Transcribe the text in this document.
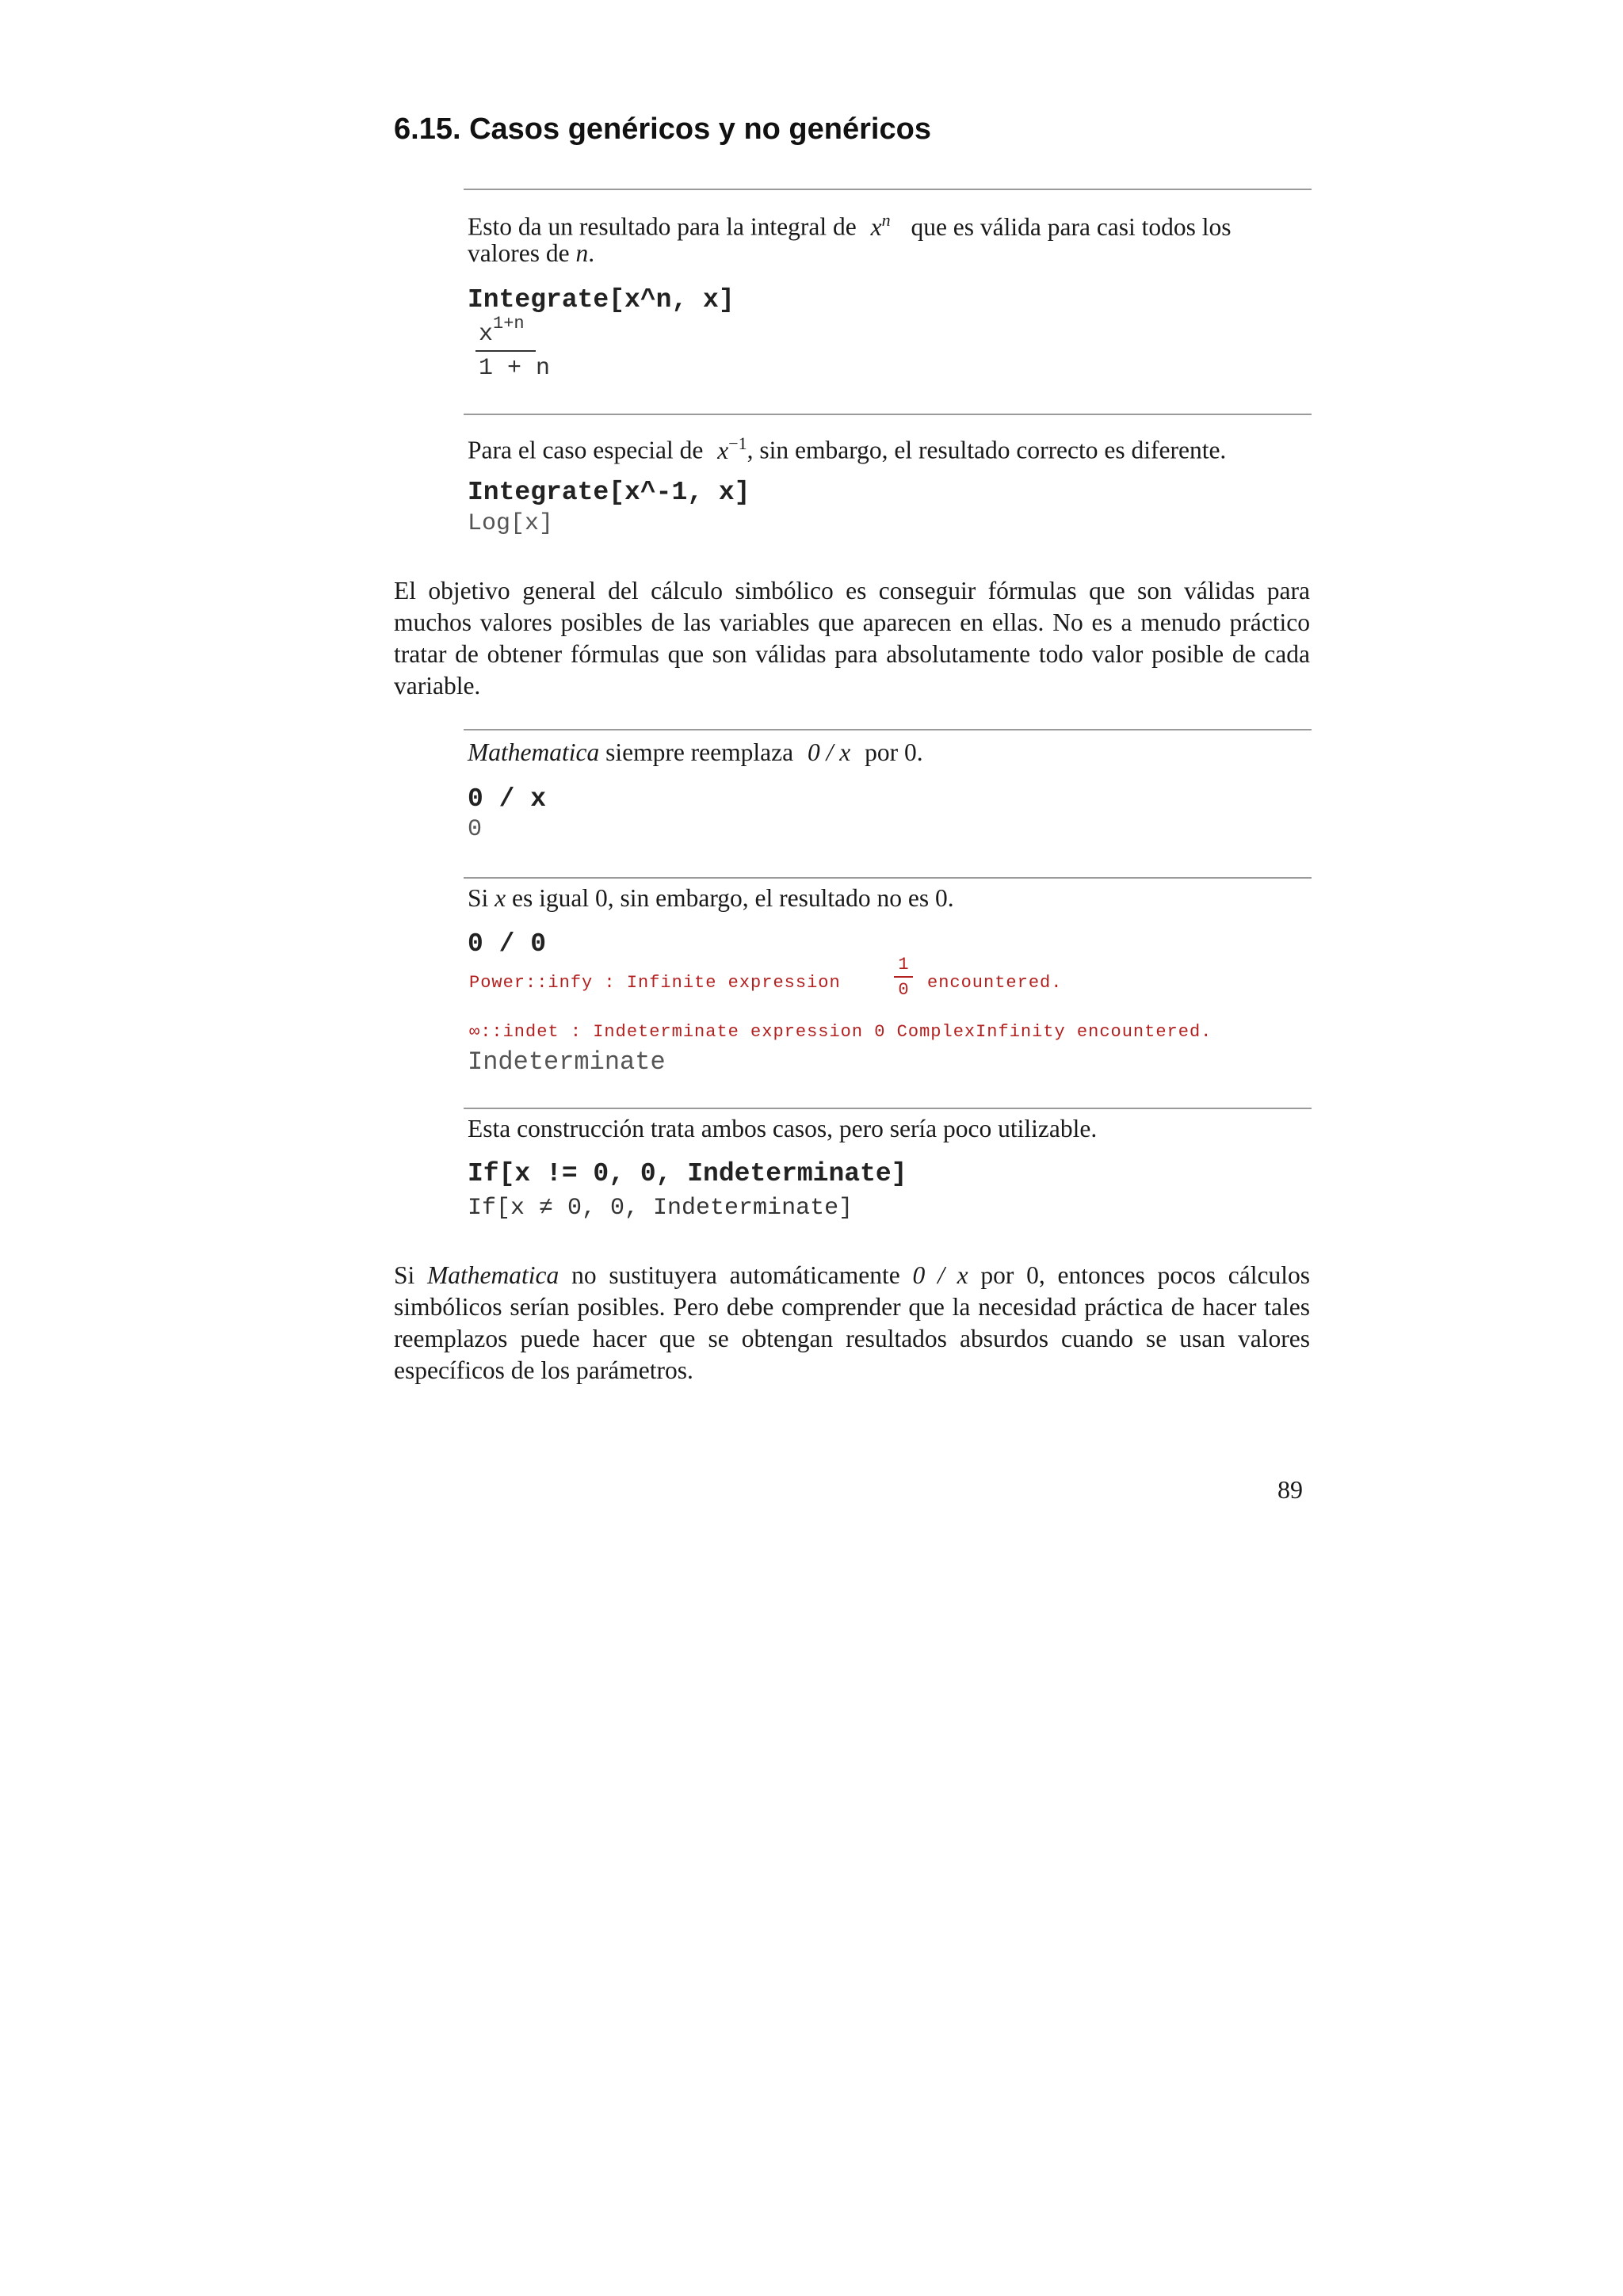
6.15. Casos genéricos y no genéricos
Esto da un resultado para la integral de $x^n$ que es válida para casi todos los
valores de n.
Integrate[x^n, x]
$x^{1+n}$
1 + n
Para el caso especial de $x^{-1}$, sin embargo, el resultado correcto es diferente.
Integrate[x^-1, x]
Log[x]
El objetivo general del cálculo simbólico es conseguir fórmulas que son válidas para muchos valores posibles de las variables que aparecen en ellas. No es a menudo práctico tratar de obtener fórmulas que son válidas para absolutamente todo valor posible de cada variable.
Mathematica siempre reemplaza 0 / x por 0.
0 / x
0
Si x es igual 0, sin embargo, el resultado no es 0.
0 / 0
Power::infy : Infinite expression
1
0 encountered.
∞::indet : Indeterminate expression 0 ComplexInfinity encountered.
Indeterminate
Esta construcción trata ambos casos, pero sería poco utilizable.
If[x != 0, 0, Indeterminate]
If[x ≠ 0, 0, Indeterminate]
Si Mathematica no sustituyera automáticamente 0 / x por 0, entonces pocos cálculos simbólicos serían posibles. Pero debe comprender que la necesidad práctica de hacer tales reemplazos puede hacer que se obtengan resultados absurdos cuando se usan valores específicos de los parámetros.
89
